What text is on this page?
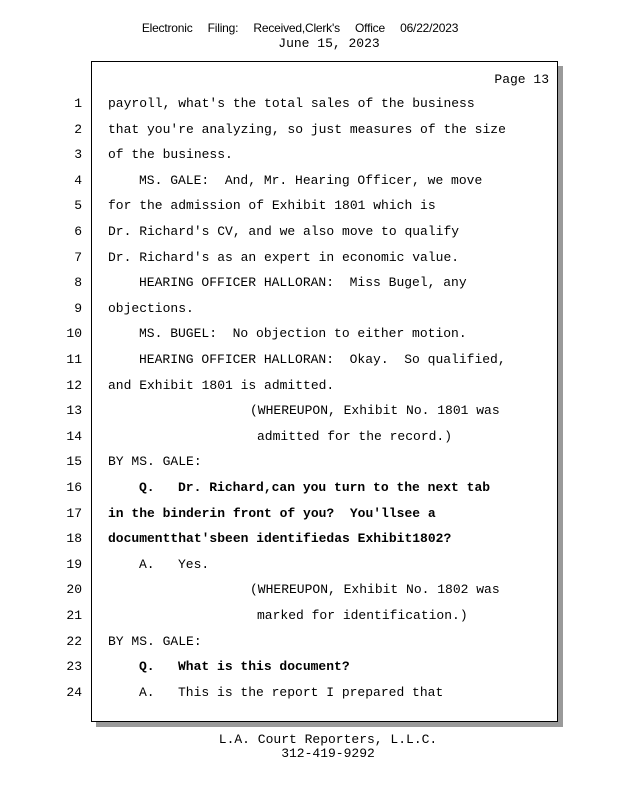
Electronic Filing: Received,Clerk's Office 06/22/2023
June 15, 2023
Page 13
1 payroll, what's the total sales of the business
2 that you're analyzing, so just measures of the size
3 of the business.
4	MS. GALE:  And, Mr. Hearing Officer, we move
5 for the admission of Exhibit 1801 which is
6 Dr. Richard's CV, and we also move to qualify
7 Dr. Richard's as an expert in economic value.
8	HEARING OFFICER HALLORAN:  Miss Bugel, any
9 objections.
10	MS. BUGEL:  No objection to either motion.
11	HEARING OFFICER HALLORAN:  Okay.  So qualified,
12 and Exhibit 1801 is admitted.
13	(WHEREUPON, Exhibit No. 1801 was
14	admitted for the record.)
15 BY MS. GALE:
16	Q.   Dr. Richard,can you turn to the next tab
17 in the binderin front of you?  You'llsee a
18 documentthat'sbeen identifiedas Exhibit1802?
19	A.   Yes.
20	(WHEREUPON, Exhibit No. 1802 was
21	marked for identification.)
22 BY MS. GALE:
23	Q.   What is this document?
24	A.   This is the report I prepared that
L.A. Court Reporters, L.L.C.
312-419-9292
